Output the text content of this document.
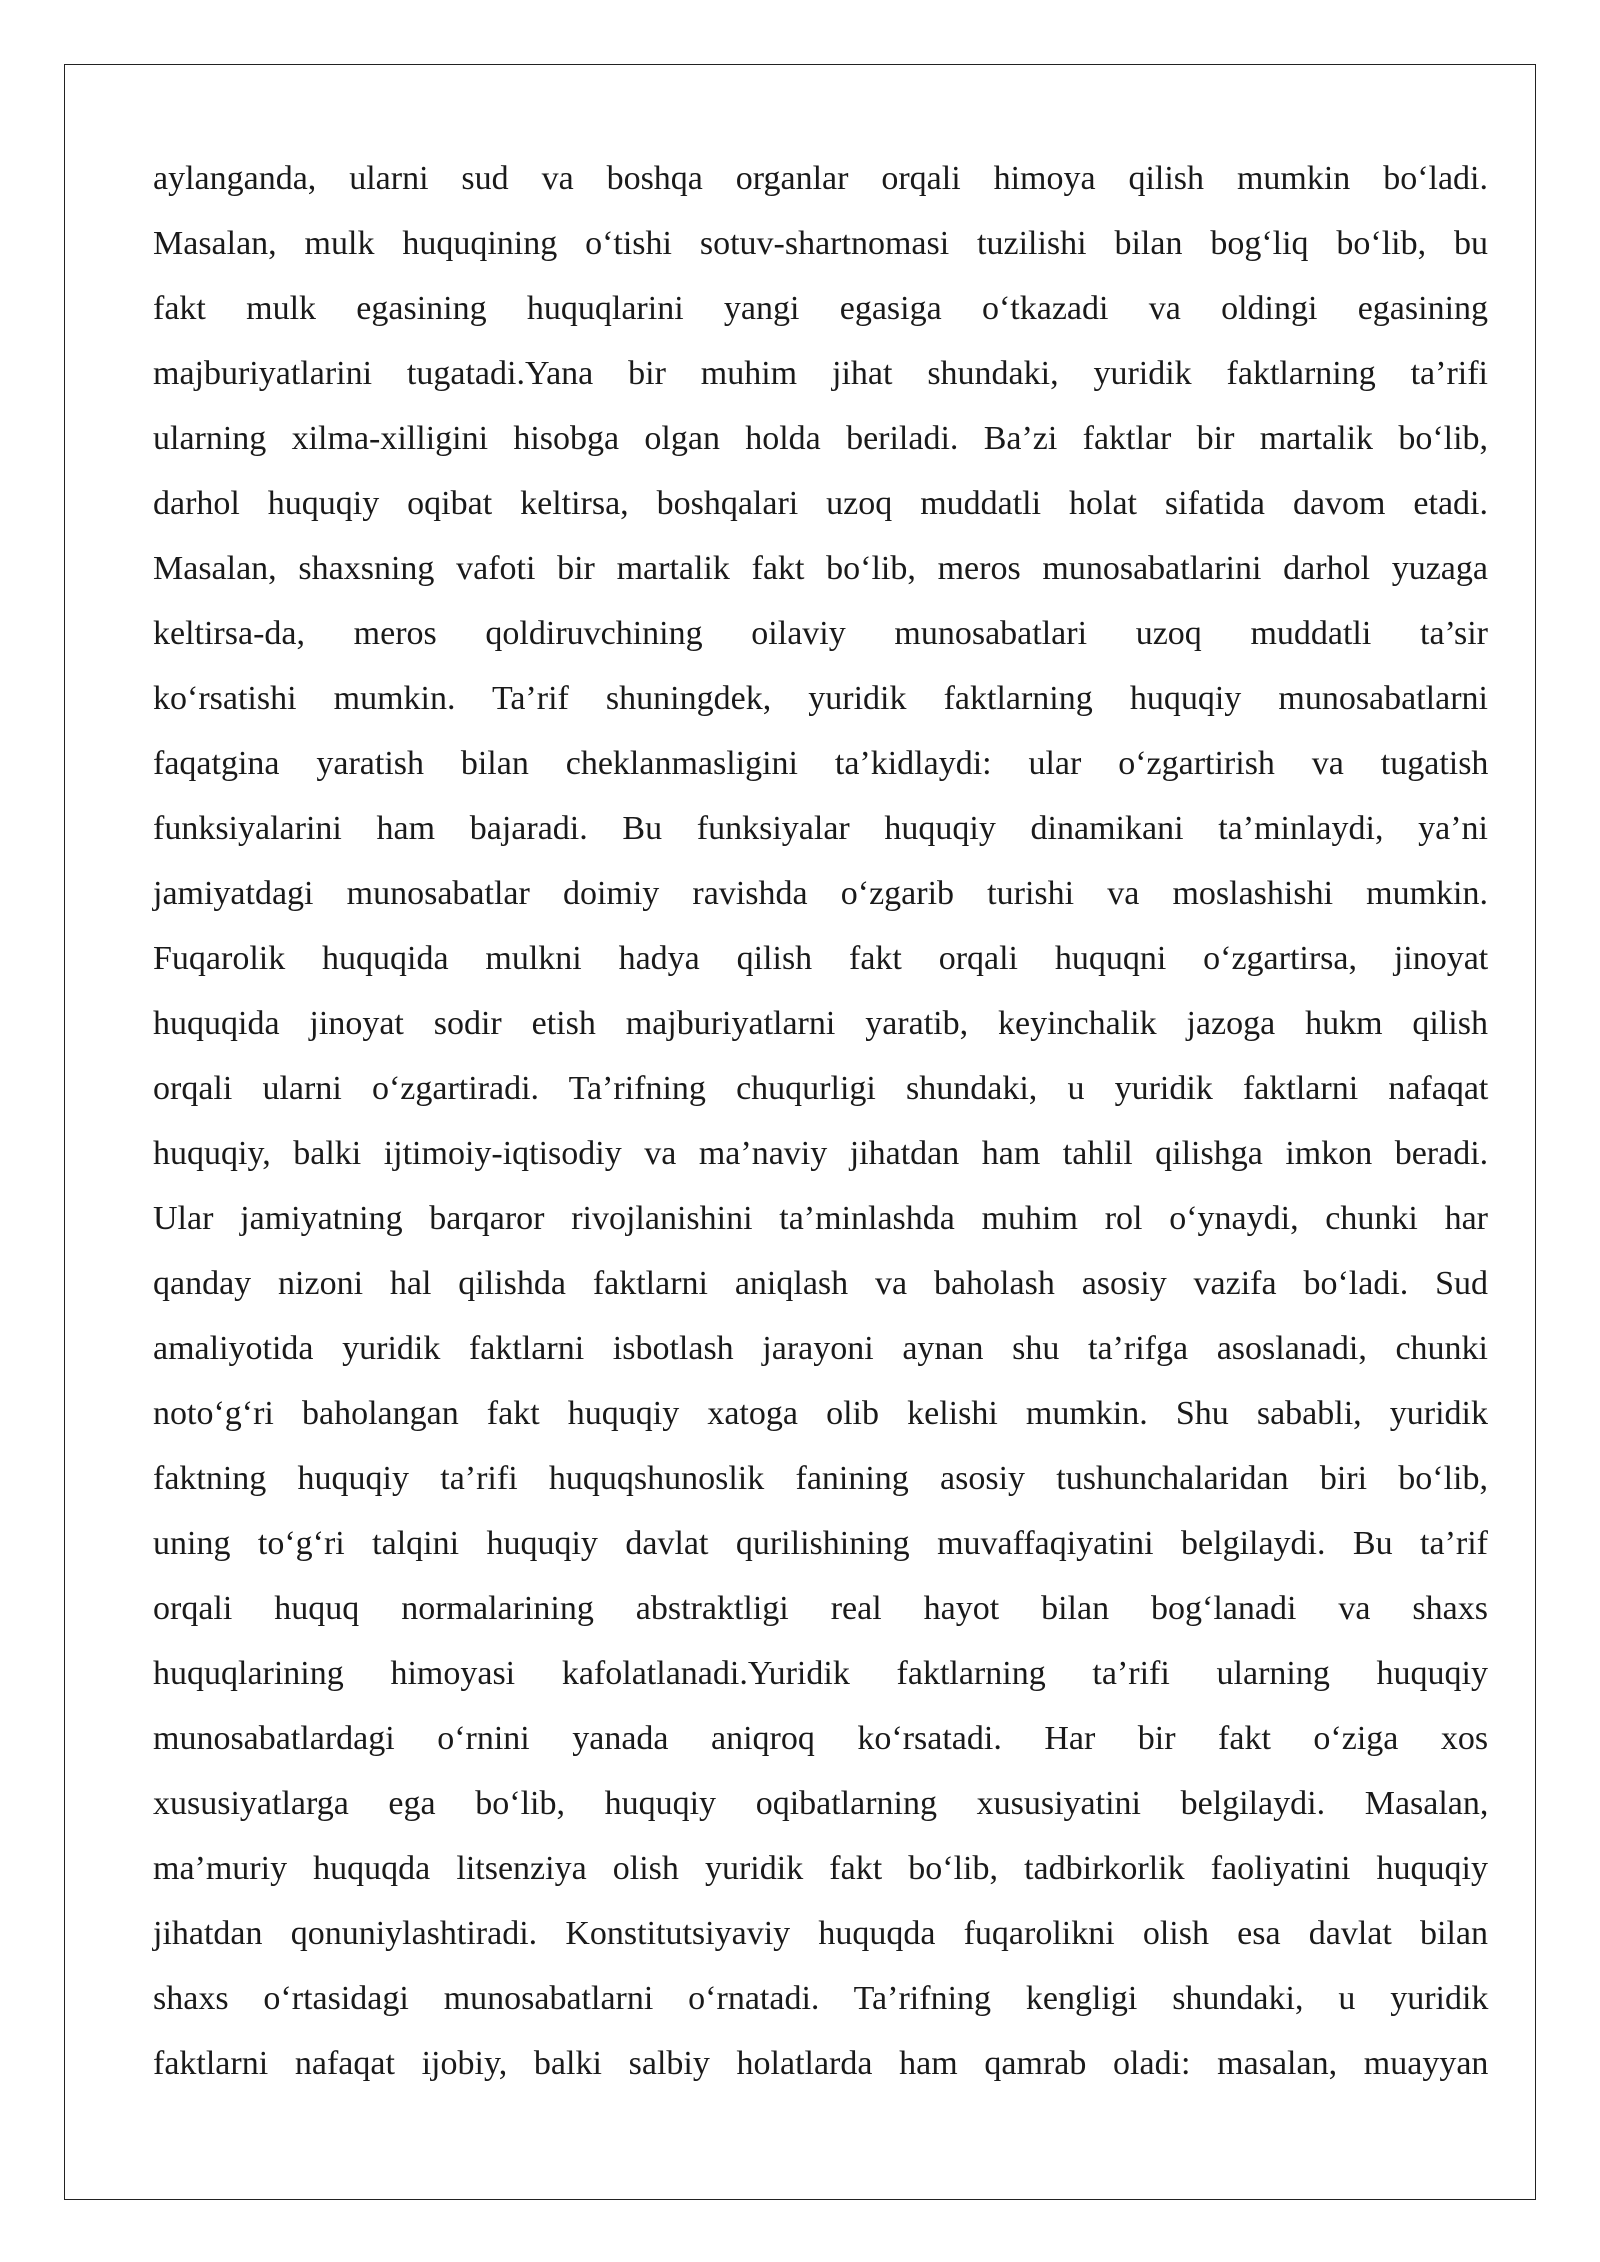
aylanganda, ularni sud va boshqa organlar orqali himoya qilish mumkin bo‘ladi.
Masalan, mulk huquqining o‘tishi sotuv-shartnomasi tuzilishi bilan bog‘liq bo‘lib, bu
fakt mulk egasining huquqlarini yangi egasiga o‘tkazadi va oldingi egasining
majburiyatlarini tugatadi.Yana bir muhim jihat shundaki, yuridik faktlarning ta’rifi
ularning xilma-xilligini hisobga olgan holda beriladi. Ba’zi faktlar bir martalik bo‘lib,
darhol huquqiy oqibat keltirsa, boshqalari uzoq muddatli holat sifatida davom etadi.
Masalan, shaxsning vafoti bir martalik fakt bo‘lib, meros munosabatlarini darhol yuzaga
keltirsa-da, meros qoldiruvchining oilaviy munosabatlari uzoq muddatli ta’sir
ko‘rsatishi mumkin. Ta’rif shuningdek, yuridik faktlarning huquqiy munosabatlarni
faqatgina yaratish bilan cheklanmasligini ta’kidlaydi: ular o‘zgartirish va tugatish
funksiyalarini ham bajaradi. Bu funksiyalar huquqiy dinamikani ta’minlaydi, ya’ni
jamiyatdagi munosabatlar doimiy ravishda o‘zgarib turishi va moslashishi mumkin.
Fuqarolik huquqida mulkni hadya qilish fakt orqali huquqni o‘zgartirsa, jinoyat
huquqida jinoyat sodir etish majburiyatlarni yaratib, keyinchalik jazoga hukm qilish
orqali ularni o‘zgartiradi. Ta’rifning chuqurligi shundaki, u yuridik faktlarni nafaqat
huquqiy, balki ijtimoiy-iqtisodiy va ma’naviy jihatdan ham tahlil qilishga imkon beradi.
Ular jamiyatning barqaror rivojlanishini ta’minlashda muhim rol o‘ynaydi, chunki har
qanday nizoni hal qilishda faktlarni aniqlash va baholash asosiy vazifa bo‘ladi. Sud
amaliyotida yuridik faktlarni isbotlash jarayoni aynan shu ta’rifga asoslanadi, chunki
noto‘g‘ri baholangan fakt huquqiy xatoga olib kelishi mumkin. Shu sababli, yuridik
faktning huquqiy ta’rifi huquqshunoslik fanining asosiy tushunchalaridan biri bo‘lib,
uning to‘g‘ri talqini huquqiy davlat qurilishining muvaffaqiyatini belgilaydi. Bu ta’rif
orqali huquq normalarining abstraktligi real hayot bilan bog‘lanadi va shaxs
huquqlarining himoyasi kafolatlanadi.Yuridik faktlarning ta’rifi ularning huquqiy
munosabatlardagi o‘rnini yanada aniqroq ko‘rsatadi. Har bir fakt o‘ziga xos
xususiyatlarga ega bo‘lib, huquqiy oqibatlarning xususiyatini belgilaydi. Masalan,
ma’muriy huquqda litsenziya olish yuridik fakt bo‘lib, tadbirkorlik faoliyatini huquqiy
jihatdan qonuniylashtiradi. Konstitutsiyaviy huquqda fuqarolikni olish esa davlat bilan
shaxs o‘rtasidagi munosabatlarni o‘rnatadi. Ta’rifning kengligi shundaki, u yuridik
faktlarni nafaqat ijobiy, balki salbiy holatlarda ham qamrab oladi: masalan, muayyan
